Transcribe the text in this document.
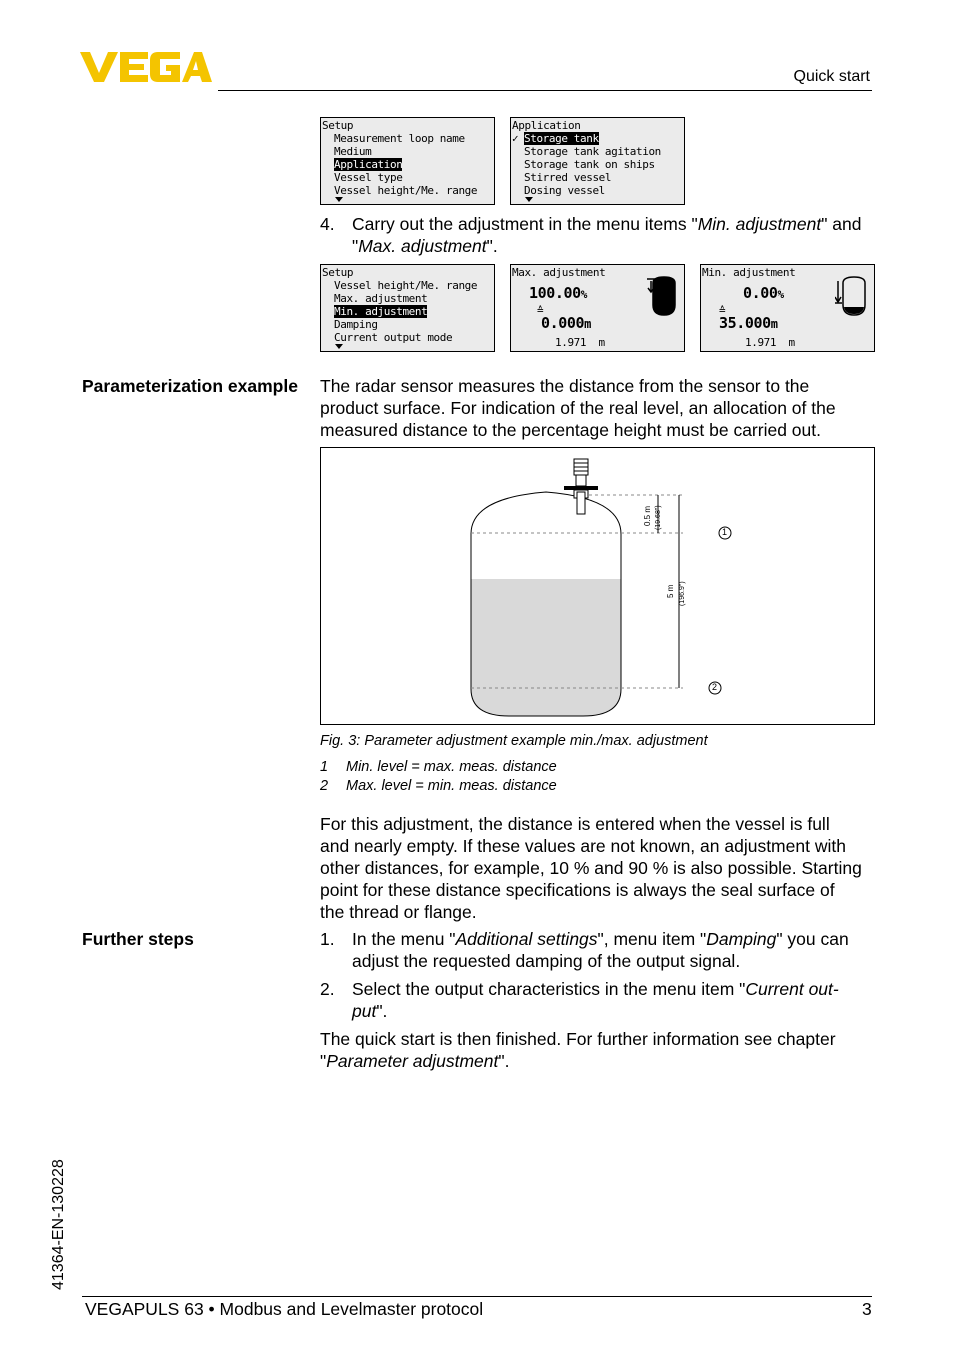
Quick start
Setup
Measurement loop name
Medium
Application
Vessel type
Vessel height/Me. range
Application
✓ Storage tank
Storage tank agitation
Storage tank on ships
Stirred vessel
Dosing vessel
4. Carry out the adjustment in the menu items "Min. adjustment" and
"Max. adjustment".
Setup
Vessel height/Me. range
Max. adjustment
Min. adjustment
Damping
Current output mode
Max. adjustment
100.00%
≙
0.000m
1.971  m
Min. adjustment
0.00%
≙
35.000m
1.971  m
Parameterization example The radar sensor measures the distance from the sensor to the
product surface. For indication of the real level, an allocation of the
measured distance to the percentage height must be carried out.
0.5 m (19.68")
5 m (196.9")
1
2
Fig. 3: Parameter adjustment example min./max. adjustment
1 Min. level = max. meas. distance
2 Max. level = min. meas. distance
For this adjustment, the distance is entered when the vessel is full
and nearly empty. If these values are not known, an adjustment with
other distances, for example, 10 % and 90 % is also possible. Starting
point for these distance specifications is always the seal surface of
the thread or flange.
Further steps	1. In the menu "Additional settings", menu item "Damping" you can
adjust the requested damping of the output signal.
2. Select the output characteristics in the menu item "Current out-
put".
The quick start is then finished. For further information see chapter
"Parameter adjustment".
41364-EN-130228
VEGAPULS 63 • Modbus and Levelmaster protocol	3
